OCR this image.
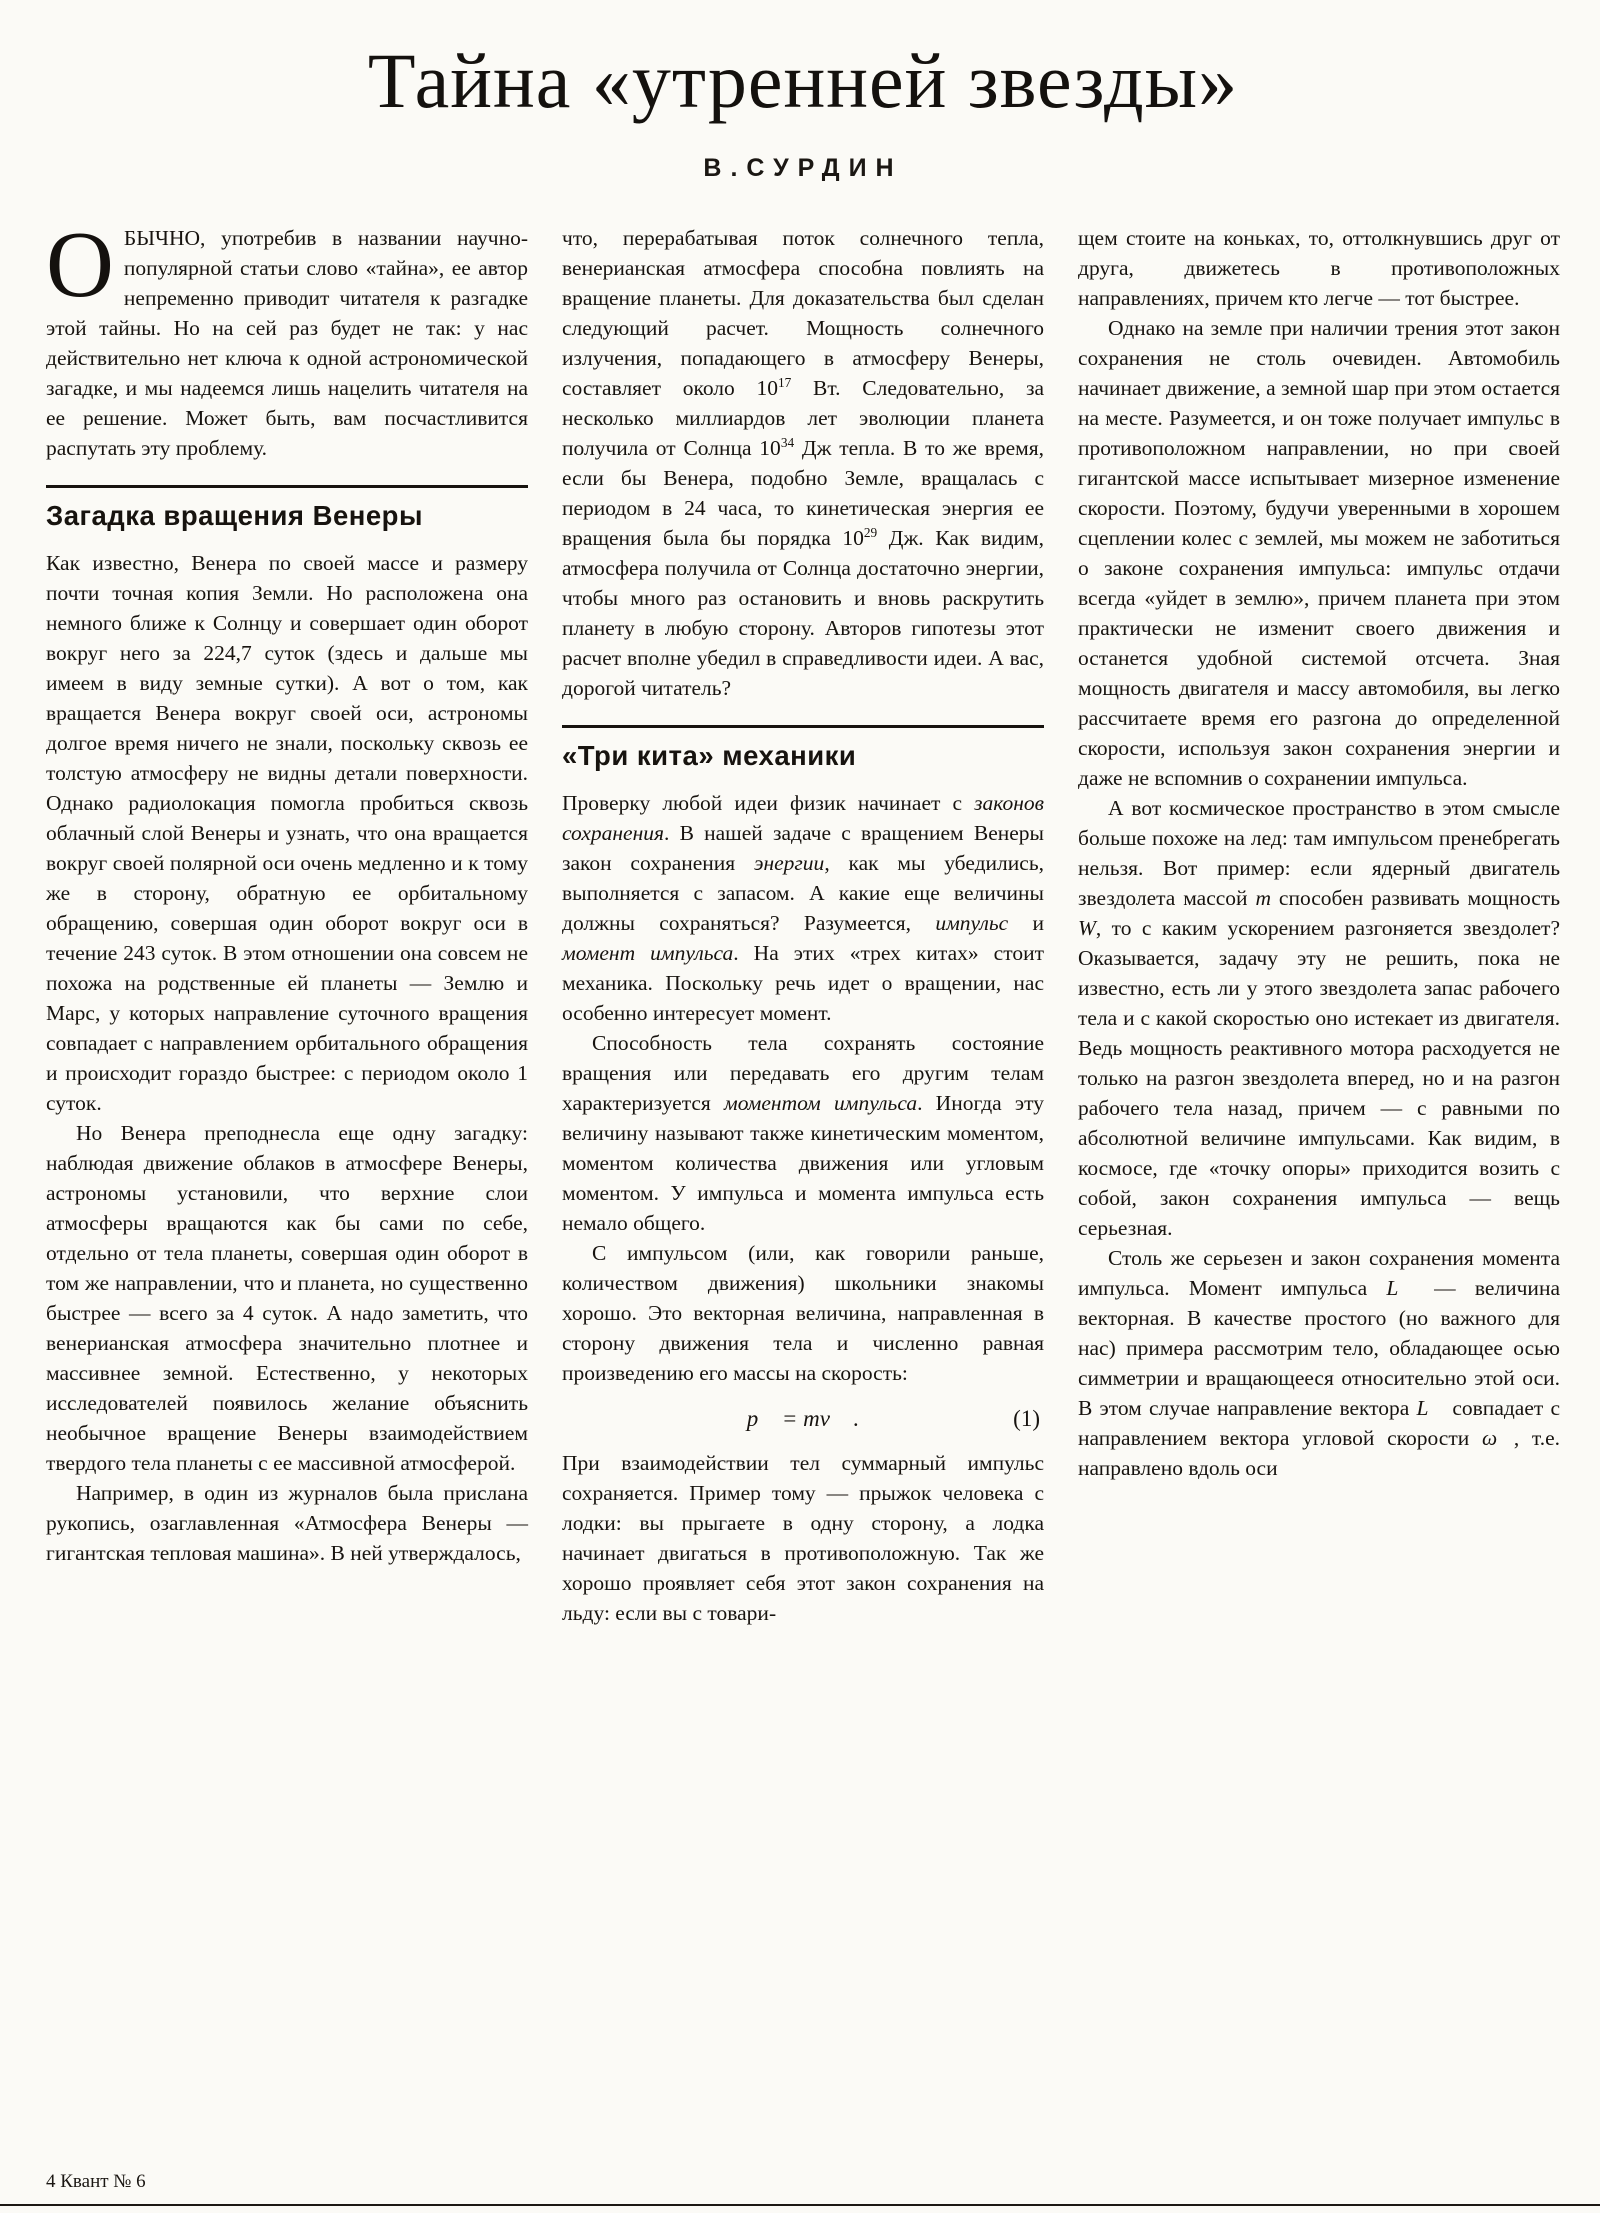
Тайна «утренней звезды»
В.СУРДИН

ОБЫЧНО, употребив в названии научно-популярной статьи слово «тайна», ее автор непременно приводит читателя к разгадке этой тайны. Но на сей раз будет не так: у нас действительно нет ключа к одной астрономической загадке, и мы надеемся лишь нацелить читателя на ее решение. Может быть, вам посчастливится распутать эту проблему.

Загадка вращения Венеры

Как известно, Венера по своей массе и размеру почти точная копия Земли. Но расположена она немного ближе к Солнцу и совершает один оборот вокруг него за 224,7 суток (здесь и дальше мы имеем в виду земные сутки). А вот о том, как вращается Венера вокруг своей оси, астрономы долгое время ничего не знали, поскольку сквозь ее толстую атмосферу не видны детали поверхности. Однако радиолокация помогла пробиться сквозь облачный слой Венеры и узнать, что она вращается вокруг своей полярной оси очень медленно и к тому же в сторону, обратную ее орбитальному обращению, совершая один оборот вокруг оси в течение 243 суток. В этом отношении она совсем не похожа на родственные ей планеты — Землю и Марс, у которых направление суточного вращения совпадает с направлением орбитального обращения и происходит гораздо быстрее: с периодом около 1 суток.

Но Венера преподнесла еще одну загадку: наблюдая движение облаков в атмосфере Венеры, астрономы установили, что верхние слои атмосферы вращаются как бы сами по себе, отдельно от тела планеты, совершая один оборот в том же направлении, что и планета, но существенно быстрее — всего за 4 суток. А надо заметить, что венерианская атмосфера значительно плотнее и массивнее земной. Естественно, у некоторых исследователей появилось желание объяснить необычное вращение Венеры взаимодействием твердого тела планеты с ее массивной атмосферой.

Например, в один из журналов была прислана рукопись, озаглавленная «Атмосфера Венеры — гигантская тепловая машина». В ней утверждалось,

что, перерабатывая поток солнечного тепла, венерианская атмосфера способна повлиять на вращение планеты. Для доказательства был сделан следующий расчет. Мощность солнечного излучения, попадающего в атмосферу Венеры, составляет около $10^{17}$ Вт. Следовательно, за несколько миллиардов лет эволюции планета получила от Солнца $10^{34}$ Дж тепла. В то же время, если бы Венера, подобно Земле, вращалась с периодом в 24 часа, то кинетическая энергия ее вращения была бы порядка $10^{29}$ Дж. Как видим, атмосфера получила от Солнца достаточно энергии, чтобы много раз остановить и вновь раскрутить планету в любую сторону. Авторов гипотезы этот расчет вполне убедил в справедливости идеи. А вас, дорогой читатель?

«Три кита» механики

Проверку любой идеи физик начинает с законов сохранения. В нашей задаче с вращением Венеры закон сохранения энергии, как мы убедились, выполняется с запасом. А какие еще величины должны сохраняться? Разумеется, импульс и момент импульса. На этих «трех китах» стоит механика. Поскольку речь идет о вращении, нас особенно интересует момент.

Способность тела сохранять состояние вращения или передавать его другим телам характеризуется моментом импульса. Иногда эту величину называют также кинетическим моментом, моментом количества движения или угловым моментом. У импульса и момента импульса есть немало общего.

С импульсом (или, как говорили раньше, количеством движения) школьники знакомы хорошо. Это векторная величина, направленная в сторону движения тела и численно равная произведению его массы на скорость:

p⃗ = mv⃗ .	(1)

При взаимодействии тел суммарный импульс сохраняется. Пример тому — прыжок человека с лодки: вы прыгаете в одну сторону, а лодка начинает двигаться в противоположную. Так же хорошо проявляет себя этот закон сохранения на льду: если вы с товари-

щем стоите на коньках, то, оттолкнувшись друг от друга, движетесь в противоположных направлениях, причем кто легче — тот быстрее.

Однако на земле при наличии трения этот закон сохранения не столь очевиден. Автомобиль начинает движение, а земной шар при этом остается на месте. Разумеется, и он тоже получает импульс в противоположном направлении, но при своей гигантской массе испытывает мизерное изменение скорости. Поэтому, будучи уверенными в хорошем сцеплении колес с землей, мы можем не заботиться о законе сохранения импульса: импульс отдачи всегда «уйдет в землю», причем планета при этом практически не изменит своего движения и останется удобной системой отсчета. Зная мощность двигателя и массу автомобиля, вы легко рассчитаете время его разгона до определенной скорости, используя закон сохранения энергии и даже не вспомнив о сохранении импульса.

А вот космическое пространство в этом смысле больше похоже на лед: там импульсом пренебрегать нельзя. Вот пример: если ядерный двигатель звездолета массой m способен развивать мощность W, то с каким ускорением разгоняется звездолет? Оказывается, задачу эту не решить, пока не известно, есть ли у этого звездолета запас рабочего тела и с какой скоростью оно истекает из двигателя. Ведь мощность реактивного мотора расходуется не только на разгон звездолета вперед, но и на разгон рабочего тела назад, причем — с равными по абсолютной величине импульсами. Как видим, в космосе, где «точку опоры» приходится возить с собой, закон сохранения импульса — вещь серьезная.

Столь же серьезен и закон сохранения момента импульса. Момент импульса L⃗ — величина векторная. В качестве простого (но важного для нас) примера рассмотрим тело, обладающее осью симметрии и вращающееся относительно этой оси. В этом случае направление вектора L⃗ совпадает с направлением вектора угловой скорости ω⃗, т.е. направлено вдоль оси

4 Квант № 6
